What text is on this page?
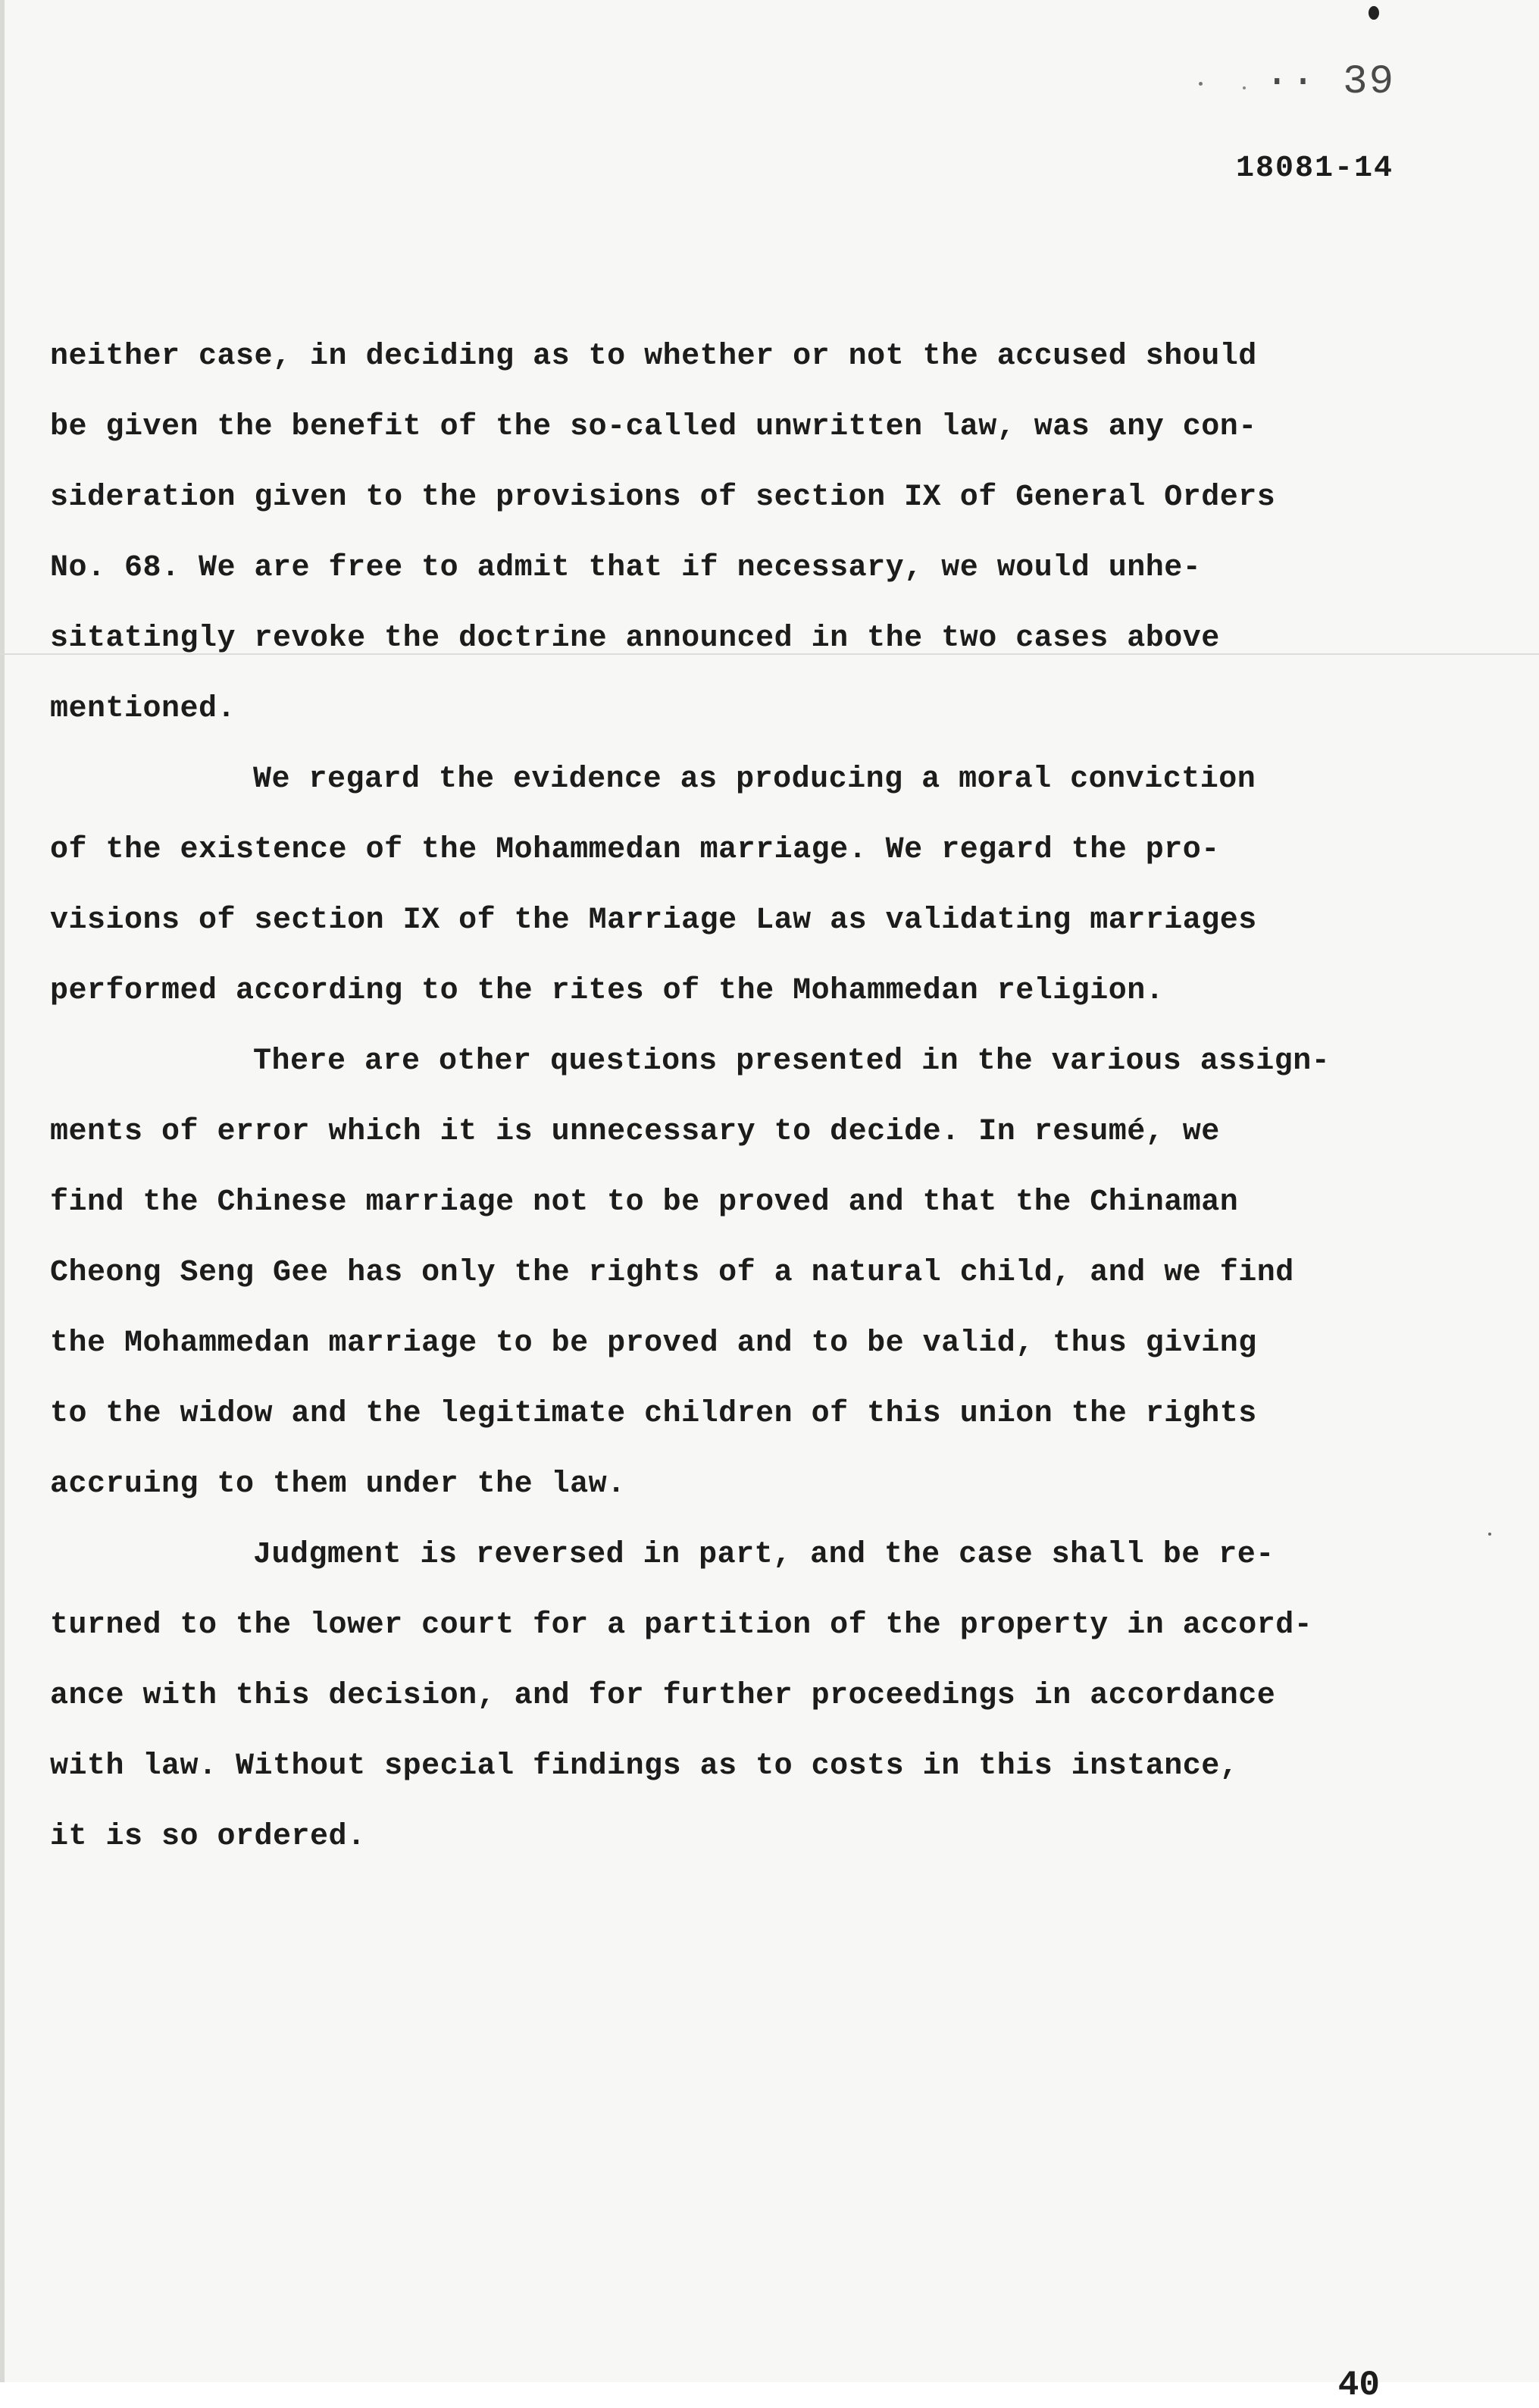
·· 39
18081-14

neither case, in deciding as to whether or not the accused should
be given the benefit of the so-called unwritten law, was any con-
sideration given to the provisions of section IX of General Orders
No. 68. We are free to admit that if necessary, we would unhe-
sitatingly revoke the doctrine announced in the two cases above
mentioned.

We regard the evidence as producing a moral conviction
of the existence of the Mohammedan marriage. We regard the pro-
visions of section IX of the Marriage Law as validating marriages
performed according to the rites of the Mohammedan religion.

There are other questions presented in the various assign-
ments of error which it is unnecessary to decide. In resumé, we
find the Chinese marriage not to be proved and that the Chinaman
Cheong Seng Gee has only the rights of a natural child, and we find
the Mohammedan marriage to be proved and to be valid, thus giving
to the widow and the legitimate children of this union the rights
accruing to them under the law.

Judgment is reversed in part, and the case shall be re-
turned to the lower court for a partition of the property in accord-
ance with this decision, and for further proceedings in accordance
with law. Without special findings as to costs in this instance,
it is so ordered.

40
